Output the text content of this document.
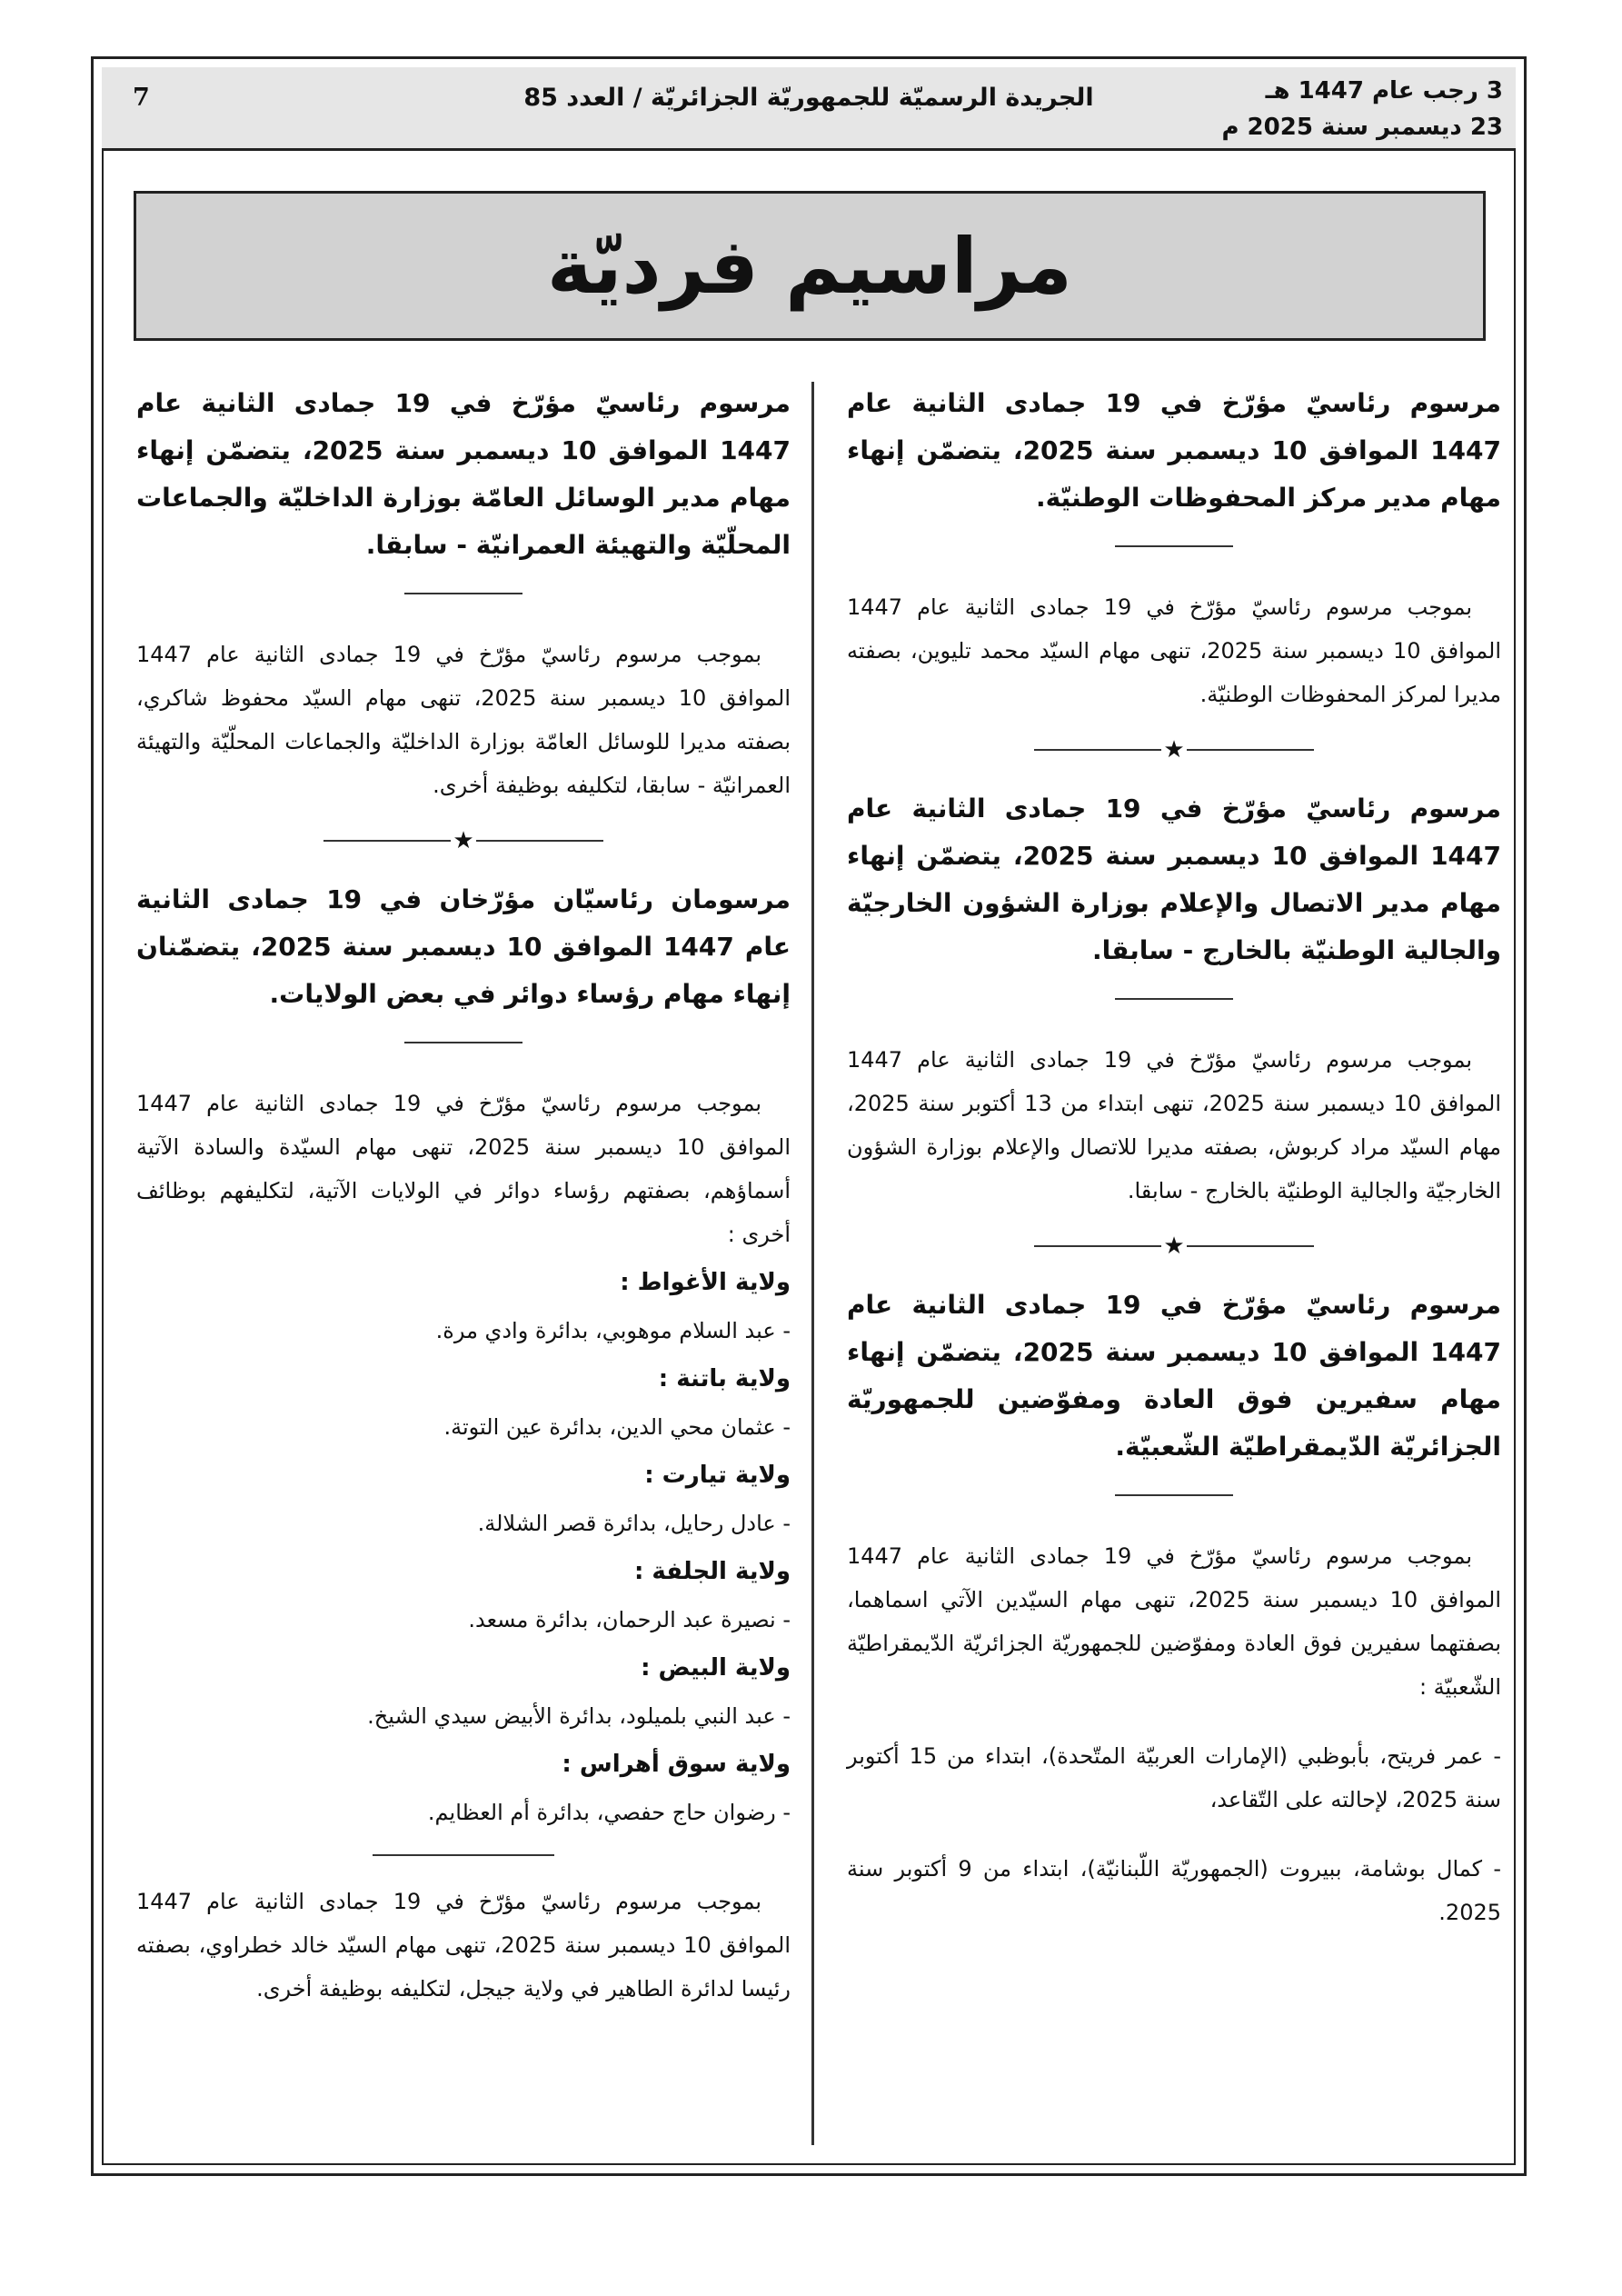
7	الجريدة الرسميّة للجمهوريّة الجزائريّة / العدد 85	3 رجب عام 1447 هـ
23 ديسمبر سنة 2025 م
مراسيم فرديّة

مرسوم رئاسيّ مؤرّخ في 19 جمادى الثانية عام 1447 الموافق 10 ديسمبر سنة 2025، يتضمّن إنهاء مهام مدير مركز المحفوظات الوطنيّة.

بموجب مرسوم رئاسيّ مؤرّخ في 19 جمادى الثانية عام 1447 الموافق 10 ديسمبر سنة 2025، تنهى مهام السيّد محمد تليوين، بصفته مديرا لمركز المحفوظات الوطنيّة.

★

مرسوم رئاسيّ مؤرّخ في 19 جمادى الثانية عام 1447 الموافق 10 ديسمبر سنة 2025، يتضمّن إنهاء مهام مدير الاتصال والإعلام بوزارة الشؤون الخارجيّة والجالية الوطنيّة بالخارج - سابقا.

بموجب مرسوم رئاسيّ مؤرّخ في 19 جمادى الثانية عام 1447 الموافق 10 ديسمبر سنة 2025، تنهى ابتداء من 13 أكتوبر سنة 2025، مهام السيّد مراد كربوش، بصفته مديرا للاتصال والإعلام بوزارة الشؤون الخارجيّة والجالية الوطنيّة بالخارج - سابقا.

★

مرسوم رئاسيّ مؤرّخ في 19 جمادى الثانية عام 1447 الموافق 10 ديسمبر سنة 2025، يتضمّن إنهاء مهام سفيرين فوق العادة ومفوّضين للجمهوريّة الجزائريّة الدّيمقراطيّة الشّعبيّة.

بموجب مرسوم رئاسيّ مؤرّخ في 19 جمادى الثانية عام 1447 الموافق 10 ديسمبر سنة 2025، تنهى مهام السيّدين الآتي اسماهما، بصفتهما سفيرين فوق العادة ومفوّضين للجمهوريّة الجزائريّة الدّيمقراطيّة الشّعبيّة :

- عمر فريتح، بأبوظبي (الإمارات العربيّة المتّحدة)، ابتداء من 15 أكتوبر سنة 2025، لإحالته على التّقاعد،

- كمال بوشامة، ببيروت (الجمهوريّة اللّبنانيّة)، ابتداء من 9 أكتوبر سنة 2025.

مرسوم رئاسيّ مؤرّخ في 19 جمادى الثانية عام 1447 الموافق 10 ديسمبر سنة 2025، يتضمّن إنهاء مهام مدير الوسائل العامّة بوزارة الداخليّة والجماعات المحلّيّة والتهيئة العمرانيّة - سابقا.

بموجب مرسوم رئاسيّ مؤرّخ في 19 جمادى الثانية عام 1447 الموافق 10 ديسمبر سنة 2025، تنهى مهام السيّد محفوظ شاكري، بصفته مديرا للوسائل العامّة بوزارة الداخليّة والجماعات المحلّيّة والتهيئة العمرانيّة - سابقا، لتكليفه بوظيفة أخرى.

★

مرسومان رئاسيّان مؤرّخان في 19 جمادى الثانية عام 1447 الموافق 10 ديسمبر سنة 2025، يتضمّنان إنهاء مهام رؤساء دوائر في بعض الولايات.

بموجب مرسوم رئاسيّ مؤرّخ في 19 جمادى الثانية عام 1447 الموافق 10 ديسمبر سنة 2025، تنهى مهام السيّدة والسادة الآتية أسماؤهم، بصفتهم رؤساء دوائر في الولايات الآتية، لتكليفهم بوظائف أخرى :

ولاية الأغواط :

- عبد السلام موهوبي، بدائرة وادي مرة.

ولاية باتنة :

- عثمان محي الدين، بدائرة عين التوتة.

ولاية تيارت :

- عادل رحايل، بدائرة قصر الشلالة.

ولاية الجلفة :

- نصيرة عبد الرحمان، بدائرة مسعد.

ولاية البيض :

- عبد النبي بلميلود، بدائرة الأبيض سيدي الشيخ.

ولاية سوق أهراس :

- رضوان حاج حفصي، بدائرة أم العظايم.

بموجب مرسوم رئاسيّ مؤرّخ في 19 جمادى الثانية عام 1447 الموافق 10 ديسمبر سنة 2025، تنهى مهام السيّد خالد خطراوي، بصفته رئيسا لدائرة الطاهير في ولاية جيجل، لتكليفه بوظيفة أخرى.
